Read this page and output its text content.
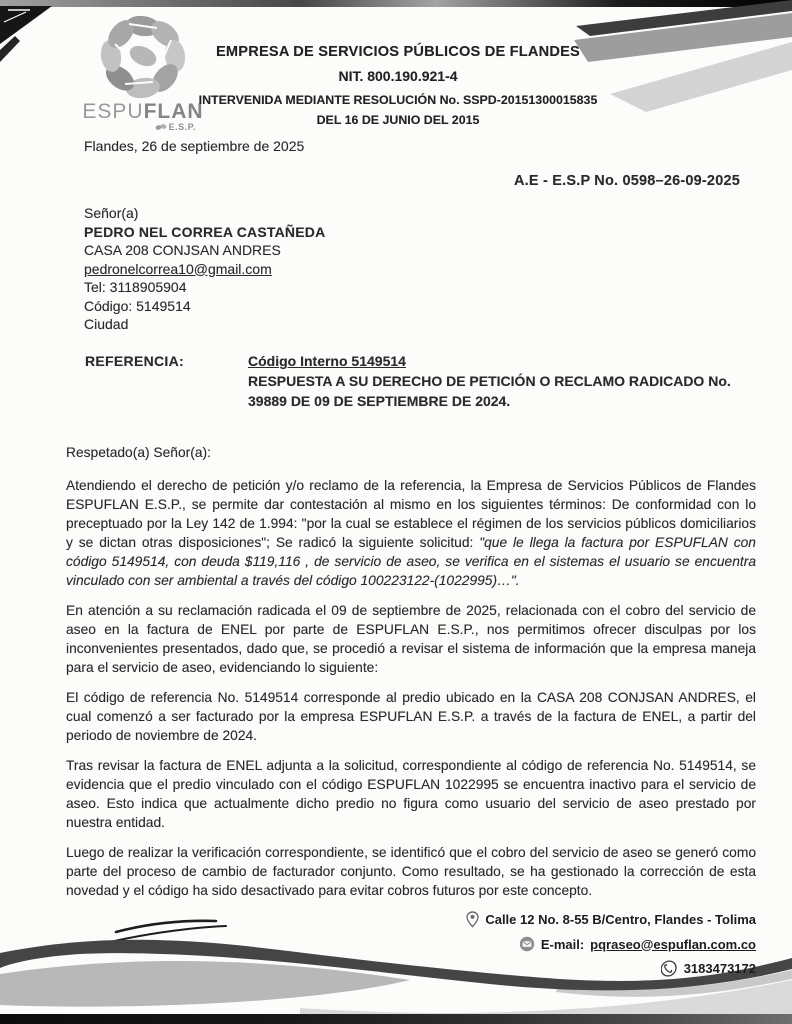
ESPUFLAN
E.S.P.
EMPRESA DE SERVICIOS PÚBLICOS DE FLANDES
NIT. 800.190.921-4
INTERVENIDA MEDIANTE RESOLUCIÓN No. SSPD-20151300015835
DEL 16 DE JUNIO DEL 2015
Flandes, 26 de septiembre de 2025
A.E - E.S.P No. 0598–26-09-2025
Señor(a)
PEDRO NEL CORREA CASTAÑEDA
CASA 208 CONJSAN ANDRES
pedronelcorrea10@gmail.com
Tel: 3118905904
Código: 5149514
Ciudad
REFERENCIA:	Código Interno 5149514
RESPUESTA A SU DERECHO DE PETICIÓN O RECLAMO RADICADO No. 39889 DE 09 DE SEPTIEMBRE DE 2024.

Respetado(a) Señor(a):

Atendiendo el derecho de petición y/o reclamo de la referencia, la Empresa de Servicios Públicos de Flandes ESPUFLAN E.S.P., se permite dar contestación al mismo en los siguientes términos: De conformidad con lo preceptuado por la Ley 142 de 1.994: "por la cual se establece el régimen de los servicios públicos domiciliarios y se dictan otras disposiciones"; Se radicó la siguiente solicitud: "que le llega la factura por ESPUFLAN con código 5149514, con deuda $119,116 , de servicio de aseo, se verifica en el sistemas el usuario se encuentra vinculado con ser ambiental a través del código 100223122-(1022995)…".

En atención a su reclamación radicada el 09 de septiembre de 2025, relacionada con el cobro del servicio de aseo en la factura de ENEL por parte de ESPUFLAN E.S.P., nos permitimos ofrecer disculpas por los inconvenientes presentados, dado que, se procedió a revisar el sistema de información que la empresa maneja para el servicio de aseo, evidenciando lo siguiente:

El código de referencia No. 5149514 corresponde al predio ubicado en la CASA 208 CONJSAN ANDRES, el cual comenzó a ser facturado por la empresa ESPUFLAN E.S.P. a través de la factura de ENEL, a partir del periodo de noviembre de 2024.

Tras revisar la factura de ENEL adjunta a la solicitud, correspondiente al código de referencia No. 5149514, se evidencia que el predio vinculado con el código ESPUFLAN 1022995 se encuentra inactivo para el servicio de aseo. Esto indica que actualmente dicho predio no figura como usuario del servicio de aseo prestado por nuestra entidad.

Luego de realizar la verificación correspondiente, se identificó que el cobro del servicio de aseo se generó como parte del proceso de cambio de facturador conjunto. Como resultado, se ha gestionado la corrección de esta novedad y el código ha sido desactivado para evitar cobros futuros por este concepto.

Calle 12 No. 8-55 B/Centro, Flandes - Tolima
E-mail: pqraseo@espuflan.com.co
3183473172
